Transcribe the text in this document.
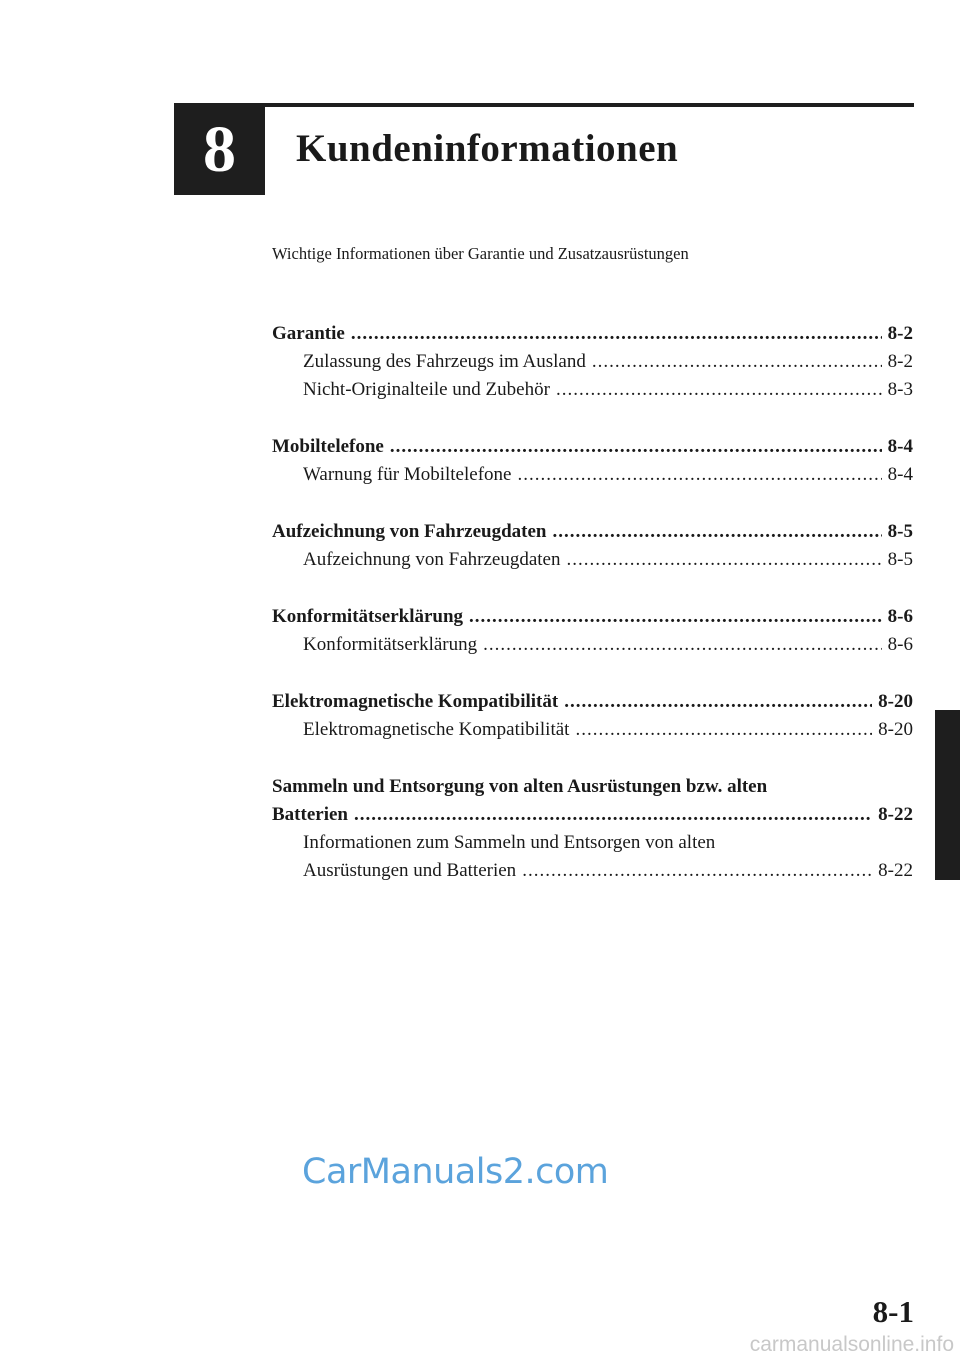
8 Kundeninformationen
Wichtige Informationen über Garantie und Zusatzausrüstungen
Garantie .....	8-2
Zulassung des Fahrzeugs im Ausland .....	8-2
Nicht-Originalteile und Zubehör .....	8-3
Mobiltelefone .....	8-4
Warnung für Mobiltelefone .....	8-4
Aufzeichnung von Fahrzeugdaten .....	8-5
Aufzeichnung von Fahrzeugdaten .....	8-5
Konformitätserklärung .....	8-6
Konformitätserklärung .....	8-6
Elektromagnetische Kompatibilität .....	8-20
Elektromagnetische Kompatibilität .....	8-20
Sammeln und Entsorgung von alten Ausrüstungen bzw. alten
Batterien .....	8-22
Informationen zum Sammeln und Entsorgen von alten
Ausrüstungen und Batterien .....	8-22
CarManuals2.com
8-1
carmanualsonline.info
